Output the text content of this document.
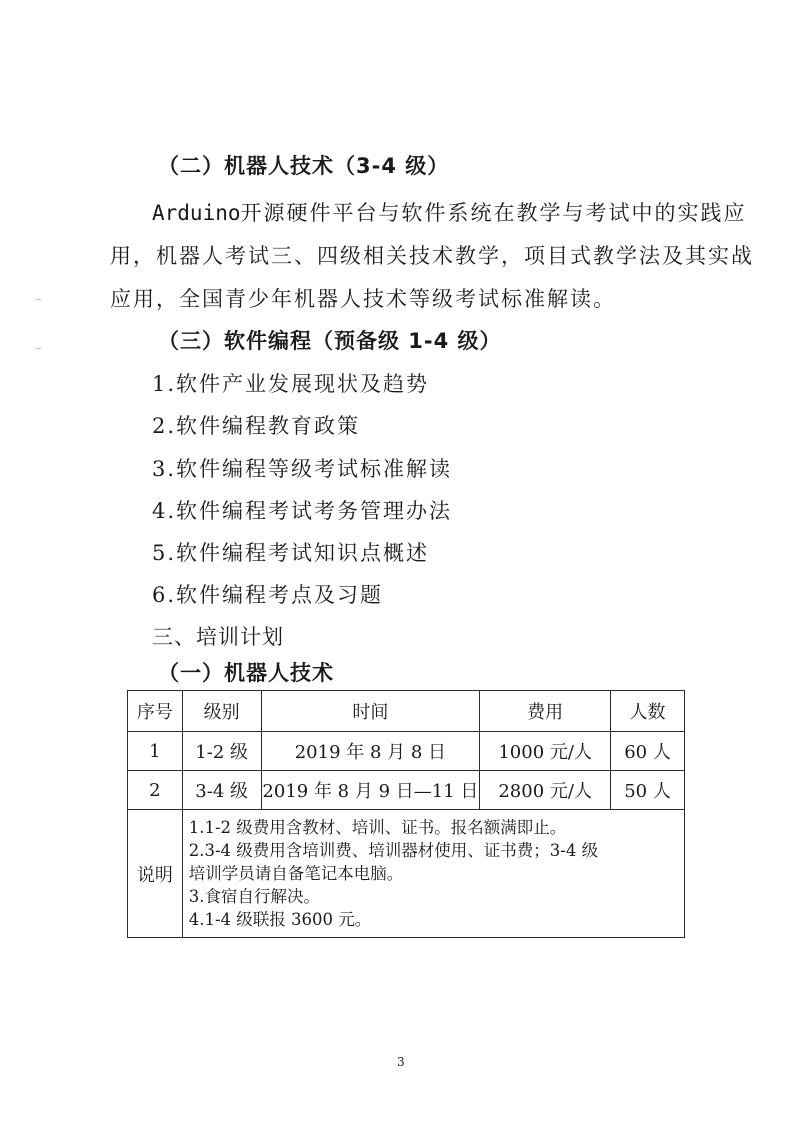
（二）机器人技术（3-4 级）
Arduino开源硬件平台与软件系统在教学与考试中的实践应
用，机器人考试三、四级相关技术教学，项目式教学法及其实战
应用，全国青少年机器人技术等级考试标准解读。
（三）软件编程（预备级 1-4 级）
1.软件产业发展现状及趋势
2.软件编程教育政策
3.软件编程等级考试标准解读
4.软件编程考试考务管理办法
5.软件编程考试知识点概述
6.软件编程考点及习题
三、培训计划
（一）机器人技术
序号	级别	时间	费用	人数
1	1-2 级	2019 年 8 月 8 日	1000 元/人	60 人
2	3-4 级	2019 年 8 月 9 日—11 日	2800 元/人	50 人
说明	1.1-2 级费用含教材、培训、证书。报名额满即止。
2.3-4 级费用含培训费、培训器材使用、证书费；3-4 级
培训学员请自备笔记本电脑。
3.食宿自行解决。
4.1-4 级联报 3600 元。			
3
